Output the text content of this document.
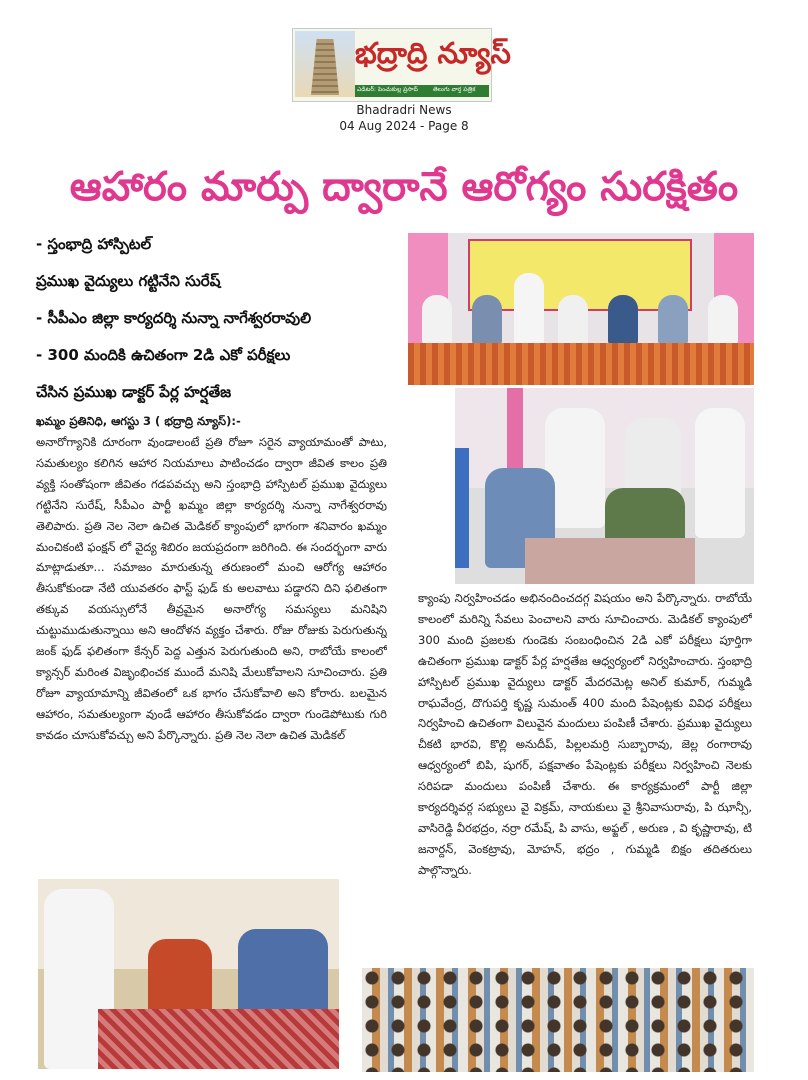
భద్రాద్రి న్యూస్
ఎడిటర్: పెంచుకుల్ల ప్రసాద్	తెలుగు వార్త పత్రిక
Bhadradri News
04 Aug 2024 - Page 8
ఆహారం మార్పు ద్వారానే ఆరోగ్యం సురక్షితం
- స్తంభాద్రి హాస్పిటల్
ప్రముఖ వైద్యులు గట్టినేని సురేష్
- సీపీఎం జిల్లా కార్యదర్శి నున్నా నాగేశ్వరరావులి
- 300 మందికి ఉచితంగా 2డి ఎకో పరీక్షలు
చేసిన ప్రముఖ డాక్టర్ పేర్ల హర్షతేజ
ఖమ్మం ప్రతినిధి, ఆగస్టు 3 ( భద్రాద్రి న్యూస్):-
అనారోగ్యానికి దూరంగా వుండాలంటే ప్రతి రోజూ సరైన వ్యాయామంతో పాటు, సమతుల్యం కలిగిన ఆహార నియమాలు పాటించడం ద్వారా జీవిత కాలం ప్రతి వ్యక్తి సంతోషంగా జీవితం గడపవచ్చు అని స్తంభాద్రి హాస్పిటల్ ప్రముఖ వైద్యులు గట్టినేని సురేష్, సీపీఎం పార్టీ ఖమ్మం జిల్లా కార్యదర్శి నున్నా నాగేశ్వరరావు తెలిపారు. ప్రతి నెల నెలా ఉచిత మెడికల్ క్యాంపులో భాగంగా శనివారం ఖమ్మం మంచికంటి ఫంక్షన్ లో వైద్య శిబిరం జయప్రదంగా జరిగింది. ఈ సందర్భంగా వారు మాట్లాడుతూ... సమాజం మారుతున్న తరుణంలో మంచి ఆరోగ్య ఆహారం తీసుకోకుండా నేటి యువతరం ఫాస్ట్ ఫుడ్ కు అలవాటు పడ్డారని దిని ఫలితంగా తక్కువ వయస్సులోనే తీవ్రమైన అనారోగ్య సమస్యలు మనిషిని చుట్టుముడుతున్నాయి అని ఆందోళన వ్యక్తం చేశారు. రోజు రోజుకు పెరుగుతున్న జంక్ ఫుడ్ ఫలితంగా కేన్సర్ పెద్ద ఎత్తున పెరుగుతుంది అని, రాబోయే కాలంలో క్యాన్సర్ మరింత విజృంభించక ముందే మనిషి మేలుకోవాలని సూచించారు. ప్రతి రోజూ వ్యాయామాన్ని జీవితంలో ఒక భాగం చేసుకోవాలి అని కోరారు. బలమైన ఆహారం, సమతుల్యంగా వుండే ఆహారం తీసుకోవడం ద్వారా గుండెపోటుకు గురి కావడం చూసుకోవచ్చు అని పేర్కొన్నారు. ప్రతి నెల నెలా ఉచిత మెడికల్
క్యాంపు నిర్వహించడం అభినందించదగ్గ విషయం అని పేర్కొన్నారు. రాబోయే కాలంలో మరిన్ని సేవలు పెంచాలని వారు సూచించారు. మెడికల్ క్యాంపులో 300 మంది ప్రజలకు గుండెకు సంబంధించిన 2డి ఎకో పరీక్షలు పూర్తిగా ఉచితంగా ప్రముఖ డాక్టర్ పేర్ల హర్షతేజ ఆధ్వర్యంలో నిర్వహించారు. స్తంభాద్రి హాస్పిటల్ ప్రముఖ వైద్యులు డాక్టర్ మేదరమెట్ల అనిల్ కుమార్, గుమ్మడి రాఘవేంద్ర, దొగుపర్తి కృష్ణ సుమంత్ 400 మంది పేషెంట్లకు వివిధ పరీక్షలు నిర్వహించి ఉచితంగా విలువైన మందులు పంపిణీ చేశారు. ప్రముఖ వైద్యులు చీకటి భారవి, కొల్లి అనుదీప్, పిల్లలమర్రి సుబ్బారావు, జెల్ల రంగారావు ఆధ్వర్యంలో బిపి, షుగర్, పక్షవాతం పేషెంట్లకు పరీక్షలు నిర్వహించి నెలకు సరిపడా మందులు పంపిణీ చేశారు. ఈ కార్యక్రమంలో పార్టీ జిల్లా కార్యదర్శివర్గ సభ్యులు వై విక్రమ్, నాయకులు వై శ్రీనివాసురావు, పి ఝాన్సీ, వాసిరెడ్డి వీరభద్రం, నర్రా రమేష్, పి వాసు, అఫ్జల్ , అరుణ , వి కృష్ణారావు, టి జనార్దన్, వెంకట్రావు, మోహన్, భద్రం , గుమ్మడి బిక్షం తదితరులు పాల్గొన్నారు.
